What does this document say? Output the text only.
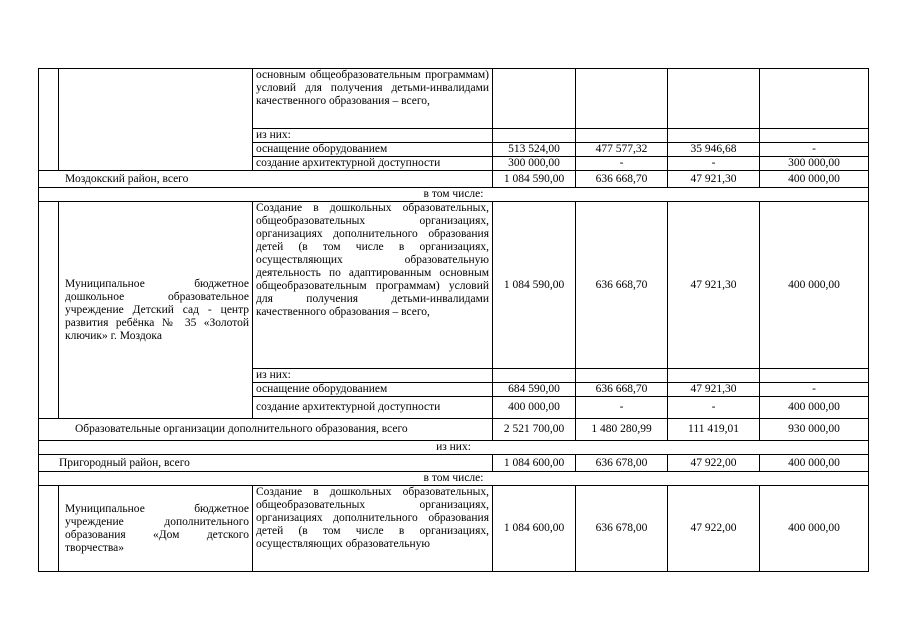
		основным общеобразовательным программам) условий для получения детьми-инвалидами качественного образования – всего,				
		из них:				
		оснащение оборудованием	513 524,00	477 577,32	35 946,68	-
		создание архитектурной доступности	300 000,00	-	-	300 000,00
Моздокский район, всего			1 084 590,00	636 668,70	47 921,30	400 000,00
в том числе:						
	Муниципальное бюджетное дошкольное образовательное учреждение Детский сад - центр развития ребёнка № 35 «Золотой ключик» г. Моздока	Создание в дошкольных образовательных, общеобразовательных организациях, организациях дополнительного образования детей (в том числе в организациях, осуществляющих образовательную деятельность по адаптированным основным общеобразовательным программам) условий для получения детьми-инвалидами качественного образования – всего,	1 084 590,00	636 668,70	47 921,30	400 000,00
		из них:				
		оснащение оборудованием	684 590,00	636 668,70	47 921,30	-
		создание архитектурной доступности	400 000,00	-	-	400 000,00
Образовательные организации дополнительного образования, всего			2 521 700,00	1 480 280,99	111 419,01	930 000,00
из них:						
Пригородный район, всего			1 084 600,00	636 678,00	47 922,00	400 000,00
в том числе:						
	Муниципальное бюджетное учреждение дополнительного образования «Дом детского творчества»	Создание в дошкольных образовательных, общеобразовательных организациях, организациях дополнительного образования детей (в том числе в организациях, осуществляющих образовательную	1 084 600,00	636 678,00	47 922,00	400 000,00
